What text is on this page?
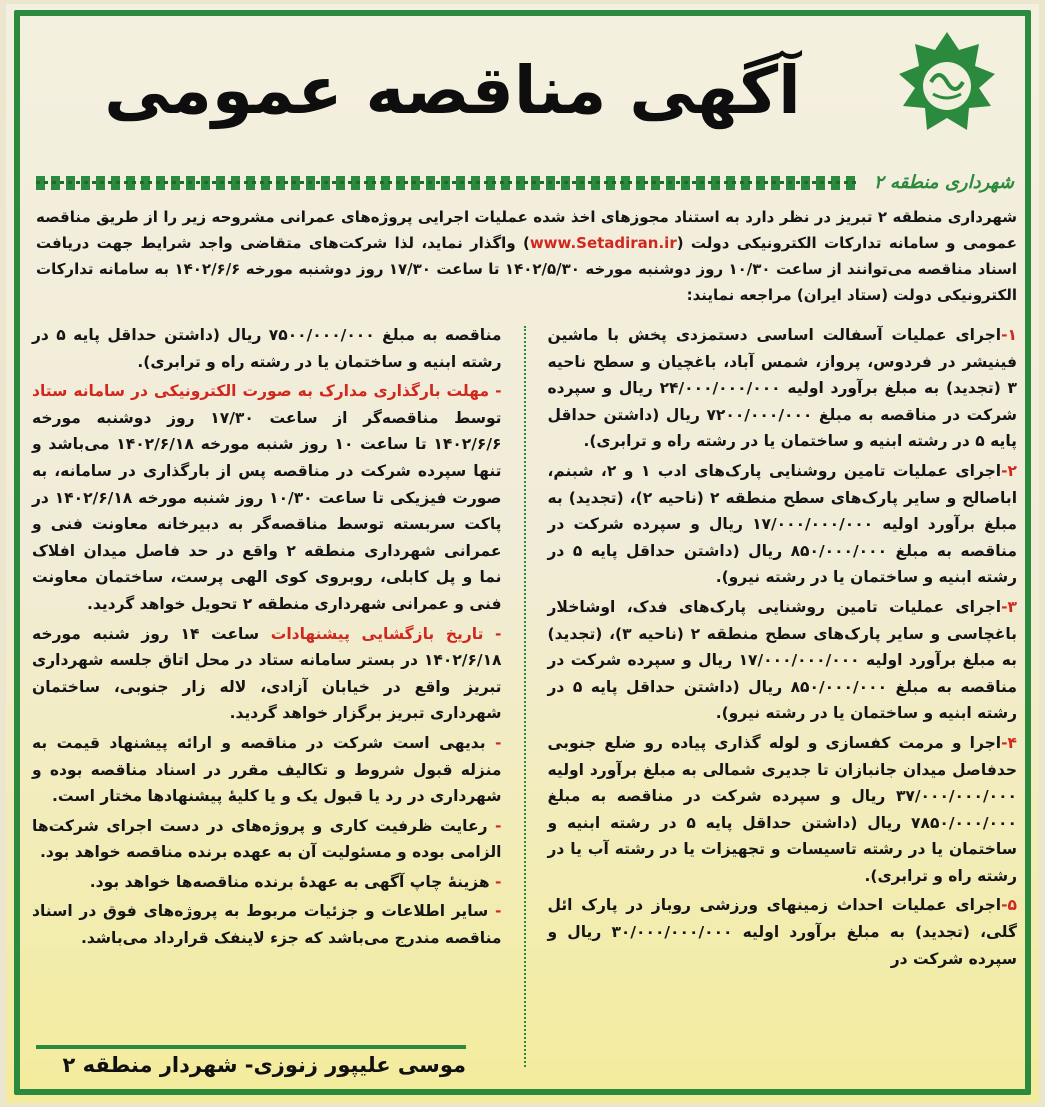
آگهی مناقصه عمومی
شهرداری منطقه ۲
شهرداری منطقه ۲ تبریز در نظر دارد به استناد مجوزهای اخذ شده عملیات اجرایی پروژه‌های عمرانی مشروحه زیر را از طریق مناقصه عمومی و سامانه تدارکات الکترونیکی دولت (www.Setadiran.ir) واگذار نماید، لذا شرکت‌های متقاضی واجد شرایط جهت دریافت اسناد مناقصه می‌توانند از ساعت ۱۰/۳۰ روز دوشنبه مورخه ۱۴۰۲/۵/۳۰ تا ساعت ۱۷/۳۰ روز دوشنبه مورخه ۱۴۰۲/۶/۶ به سامانه تدارکات الکترونیکی دولت (ستاد ایران) مراجعه نمایند:

۱-اجرای عملیات آسفالت اساسی دستمزدی پخش با ماشین فینیشر در فردوس، پرواز، شمس آباد، باغچیان و سطح ناحیه ۳ (تجدید) به مبلغ برآورد اولیه ۲۴/۰۰۰/۰۰۰/۰۰۰ ریال و سپرده شرکت در مناقصه به مبلغ ۷۲۰۰/۰۰۰/۰۰۰ ریال (داشتن حداقل پایه ۵ در رشته ابنیه و ساختمان یا در رشته راه و ترابری).

۲-اجرای عملیات تامین روشنایی پارک‌های ادب ۱ و ۲، شبنم، اباصالح و سایر پارک‌های سطح منطقه ۲ (ناحیه ۲)، (تجدید) به مبلغ برآورد اولیه ۱۷/۰۰۰/۰۰۰/۰۰۰ ریال و سپرده شرکت در مناقصه به مبلغ ۸۵۰/۰۰۰/۰۰۰ ریال (داشتن حداقل پایه ۵ در رشته ابنیه و ساختمان یا در رشته نیرو).

۳-اجرای عملیات تامین روشنایی پارک‌های فدک، اوشاخلار باغچاسی و سایر پارک‌های سطح منطقه ۲ (ناحیه ۳)، (تجدید) به مبلغ برآورد اولیه ۱۷/۰۰۰/۰۰۰/۰۰۰ ریال و سپرده شرکت در مناقصه به مبلغ ۸۵۰/۰۰۰/۰۰۰ ریال (داشتن حداقل پایه ۵ در رشته ابنیه و ساختمان یا در رشته نیرو).

۴-اجرا و مرمت کفسازی و لوله گذاری پیاده رو ضلع جنوبی حدفاصل میدان جانبازان تا جدیری شمالی به مبلغ برآورد اولیه ۳۷/۰۰۰/۰۰۰/۰۰۰ ریال و سپرده شرکت در مناقصه به مبلغ ۷۸۵۰/۰۰۰/۰۰۰ ریال (داشتن حداقل پایه ۵ در رشته ابنیه و ساختمان یا در رشته تاسیسات و تجهیزات یا در رشته آب یا در رشته راه و ترابری).

۵-اجرای عملیات احداث زمینهای ورزشی روباز در پارک ائل گلی، (تجدید) به مبلغ برآورد اولیه ۳۰/۰۰۰/۰۰۰/۰۰۰ ریال و سپرده شرکت در

مناقصه به مبلغ ۷۵۰۰/۰۰۰/۰۰۰ ریال (داشتن حداقل پایه ۵ در رشته ابنیه و ساختمان یا در رشته راه و ترابری).

- مهلت بارگذاری مدارک به صورت الکترونیکی در سامانه ستاد توسط مناقصه‌گر از ساعت ۱۷/۳۰ روز دوشنبه مورخه ۱۴۰۲/۶/۶ تا ساعت ۱۰ روز شنبه مورخه ۱۴۰۲/۶/۱۸ می‌باشد و تنها سپرده شرکت در مناقصه پس از بارگذاری در سامانه، به صورت فیزیکی تا ساعت ۱۰/۳۰ روز شنبه مورخه ۱۴۰۲/۶/۱۸ در پاکت سربسته توسط مناقصه‌گر به دبیرخانه معاونت فنی و عمرانی شهرداری منطقه ۲ واقع در حد فاصل میدان افلاک نما و پل کابلی، روبروی کوی الهی پرست، ساختمان معاونت فنی و عمرانی شهرداری منطقه ۲ تحویل خواهد گردید.

- تاریخ بازگشایی پیشنهادات ساعت ۱۴ روز شنبه مورخه ۱۴۰۲/۶/۱۸ در بستر سامانه ستاد در محل اتاق جلسه شهرداری تبریز واقع در خیابان آزادی، لاله زار جنوبی، ساختمان شهرداری تبریز برگزار خواهد گردید.

- بدیهی است شرکت در مناقصه و ارائه پیشنهاد قیمت به منزله قبول شروط و تکالیف مقرر در اسناد مناقصه بوده و شهرداری در رد یا قبول یک و یا کلیهٔ پیشنهادها مختار است.

- رعایت ظرفیت کاری و پروژه‌های در دست اجرای شرکت‌ها الزامی بوده و مسئولیت آن به عهده برنده مناقصه خواهد بود.

- هزینهٔ چاپ آگهی به عهدهٔ برنده مناقصه‌ها خواهد بود.

- سایر اطلاعات و جزئیات مربوط به پروژه‌های فوق در اسناد مناقصه مندرج می‌باشد که جزء لاینفک قرارداد می‌باشد.

موسی علیپور زنوزی- شهردار منطقه ۲
